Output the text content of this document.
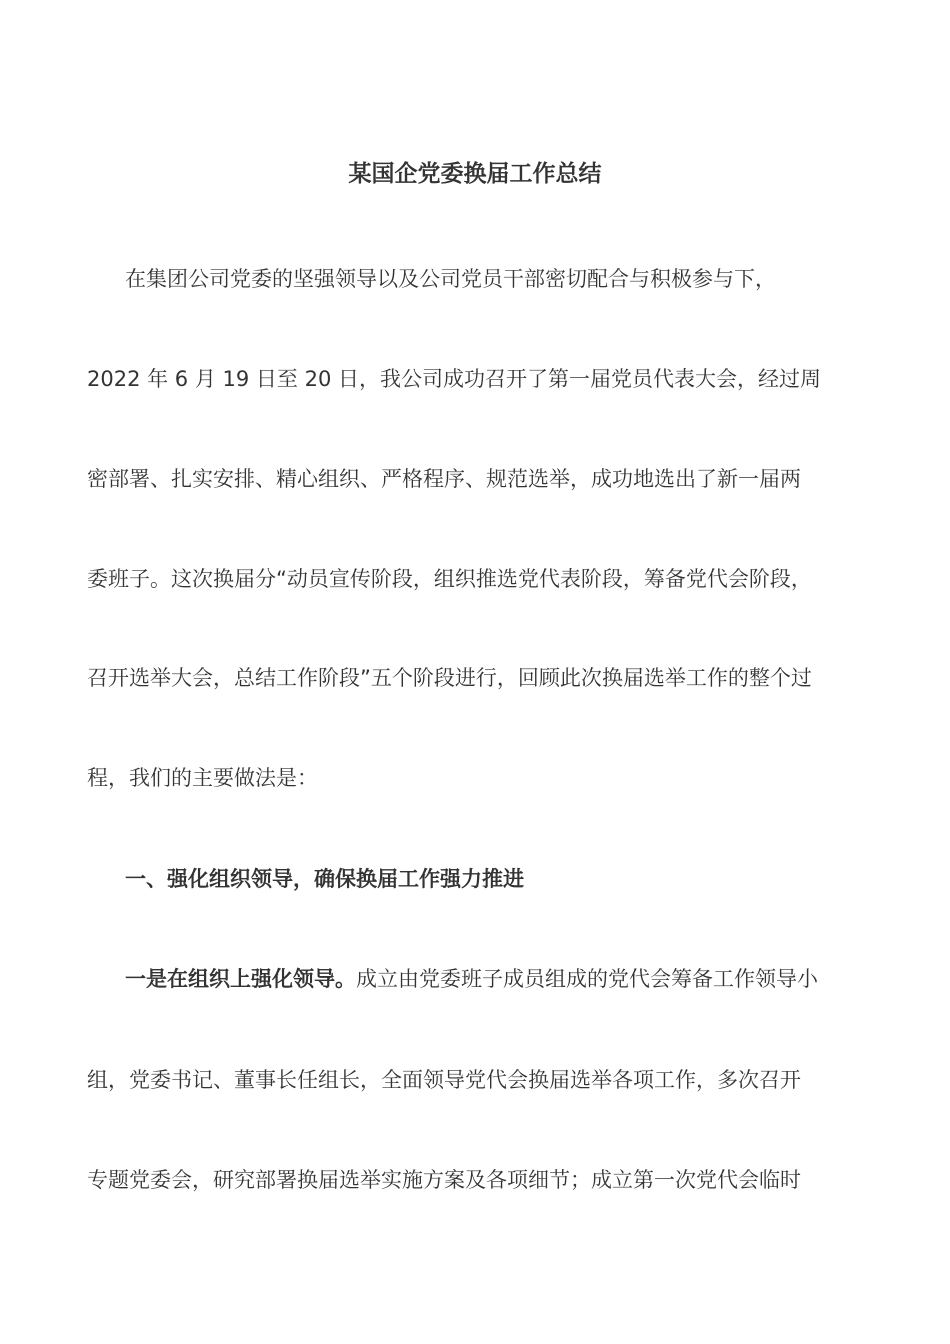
某国企党委换届工作总结
在集团公司党委的坚强领导以及公司党员干部密切配合与积极参与下，
2022 年 6 月 19 日至 20 日，我公司成功召开了第一届党员代表大会，经过周
密部署、扎实安排、精心组织、严格程序、规范选举，成功地选出了新一届两
委班子。这次换届分“动员宣传阶段，组织推选党代表阶段，筹备党代会阶段，
召开选举大会，总结工作阶段”五个阶段进行，回顾此次换届选举工作的整个过
程，我们的主要做法是：
一、强化组织领导，确保换届工作强力推进
一是在组织上强化领导。成立由党委班子成员组成的党代会筹备工作领导小
组，党委书记、董事长任组长，全面领导党代会换届选举各项工作，多次召开
专题党委会，研究部署换届选举实施方案及各项细节；成立第一次党代会临时
